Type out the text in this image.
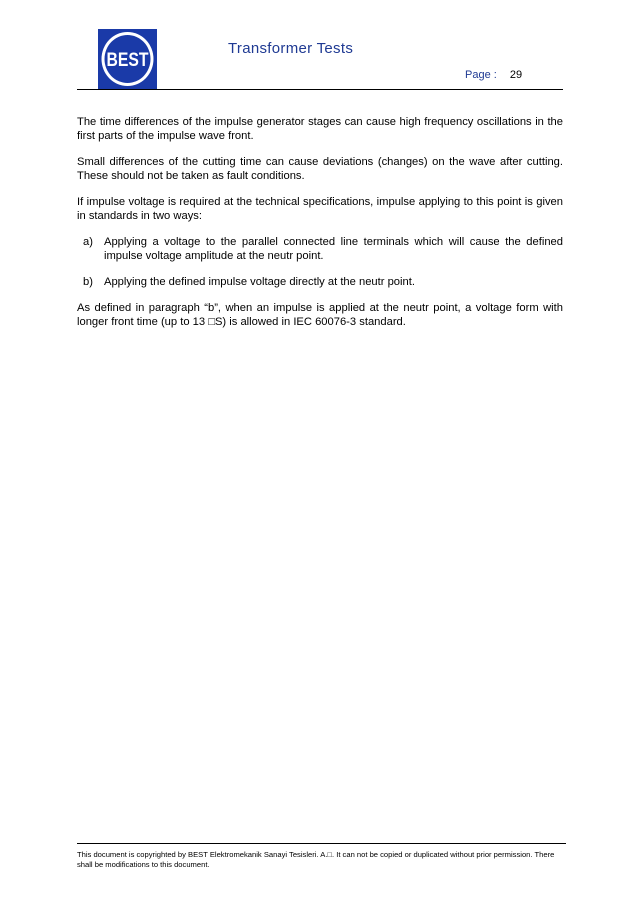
BEST
Transformer Tests
Page : 29

The time differences of the impulse generator stages can cause high frequency oscillations in the first parts of the impulse wave front.

Small differences of the cutting time can cause deviations (changes) on the wave after cutting. These should not be taken as fault conditions.

If impulse voltage is required at the technical specifications, impulse applying to this point is given in standards in two ways:

a) Applying a voltage to the parallel connected line terminals which will cause the defined impulse voltage amplitude at the neutr point.
b) Applying the defined impulse voltage directly at the neutr point.

As defined in paragraph “b”, when an impulse is applied at the neutr point, a voltage form with longer front time (up to 13 □S) is allowed in IEC 60076-3 standard.

This document is copyrighted by BEST Elektromekanik Sanayi Tesisleri. A.□. It can not be copied or duplicated without prior permission. There shall be modifications to this document.
